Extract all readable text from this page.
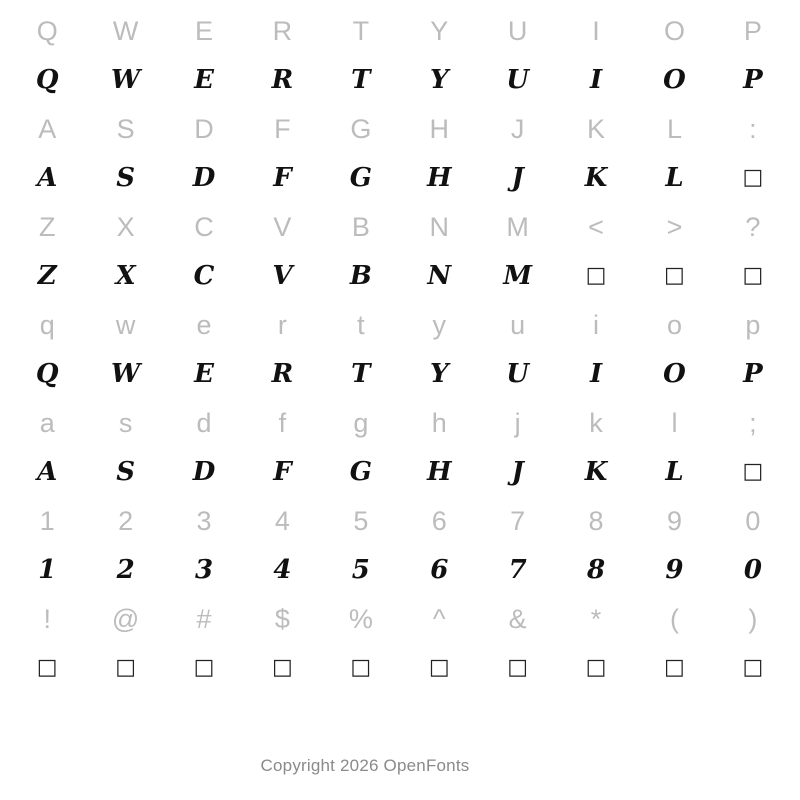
Q	W	E	R	T	Y	U	I	O	P
Q	W	E	R	T	Y	U	I	O	P
A	S	D	F	G	H	J	K	L	:
A	S	D	F	G	H	J	K	L	□
Z	X	C	V	B	N	M	<	>	?
Z	X	C	V	B	N	M	□	□	□
q	w	e	r	t	y	u	i	o	p
Q	W	E	R	T	Y	U	I	O	P
a	s	d	f	g	h	j	k	l	;
A	S	D	F	G	H	J	K	L	□
1	2	3	4	5	6	7	8	9	0
1	2	3	4	5	6	7	8	9	0
!	@	#	$	%	^	&	*	(	)
□	□	□	□	□	□	□	□	□	□
Copyright 2026 OpenFonts
